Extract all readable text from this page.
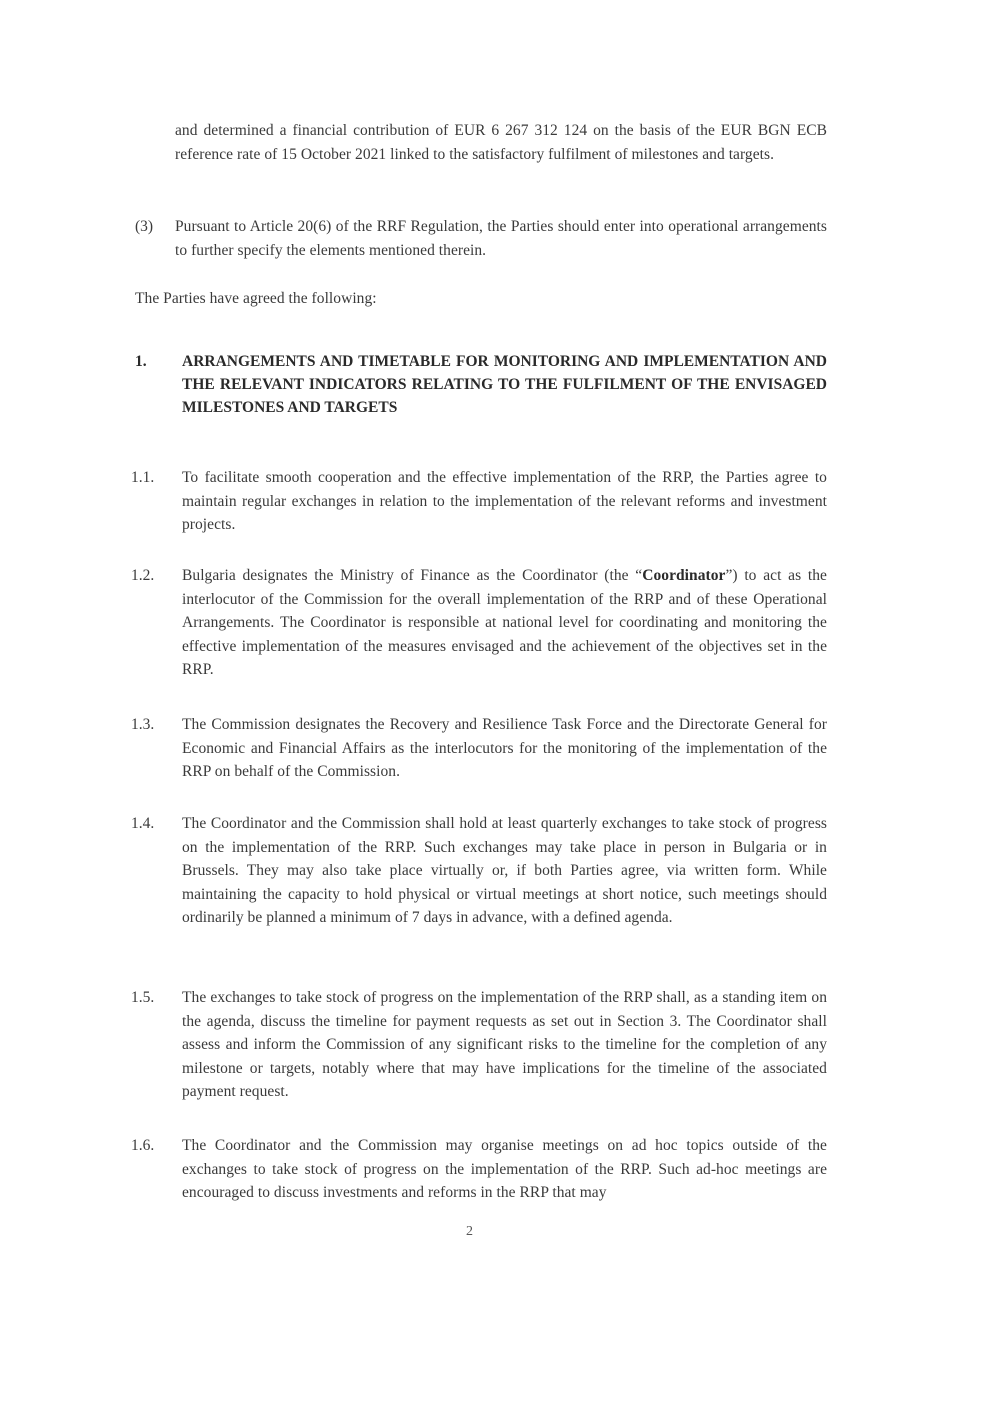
and determined a financial contribution of EUR 6 267 312 124 on the basis of the EUR BGN ECB reference rate of 15 October 2021 linked to the satisfactory fulfilment of milestones and targets.
(3) Pursuant to Article 20(6) of the RRF Regulation, the Parties should enter into operational arrangements to further specify the elements mentioned therein.
The Parties have agreed the following:
1. ARRANGEMENTS AND TIMETABLE FOR MONITORING AND IMPLEMENTATION AND THE RELEVANT INDICATORS RELATING TO THE FULFILMENT OF THE ENVISAGED MILESTONES AND TARGETS
1.1. To facilitate smooth cooperation and the effective implementation of the RRP, the Parties agree to maintain regular exchanges in relation to the implementation of the relevant reforms and investment projects.
1.2. Bulgaria designates the Ministry of Finance as the Coordinator (the “Coordinator”) to act as the interlocutor of the Commission for the overall implementation of the RRP and of these Operational Arrangements. The Coordinator is responsible at national level for coordinating and monitoring the effective implementation of the measures envisaged and the achievement of the objectives set in the RRP.
1.3. The Commission designates the Recovery and Resilience Task Force and the Directorate General for Economic and Financial Affairs as the interlocutors for the monitoring of the implementation of the RRP on behalf of the Commission.
1.4. The Coordinator and the Commission shall hold at least quarterly exchanges to take stock of progress on the implementation of the RRP. Such exchanges may take place in person in Bulgaria or in Brussels. They may also take place virtually or, if both Parties agree, via written form. While maintaining the capacity to hold physical or virtual meetings at short notice, such meetings should ordinarily be planned a minimum of 7 days in advance, with a defined agenda.
1.5. The exchanges to take stock of progress on the implementation of the RRP shall, as a standing item on the agenda, discuss the timeline for payment requests as set out in Section 3. The Coordinator shall assess and inform the Commission of any significant risks to the timeline for the completion of any milestone or targets, notably where that may have implications for the timeline of the associated payment request.
1.6. The Coordinator and the Commission may organise meetings on ad hoc topics outside of the exchanges to take stock of progress on the implementation of the RRP. Such ad-hoc meetings are encouraged to discuss investments and reforms in the RRP that may
2
